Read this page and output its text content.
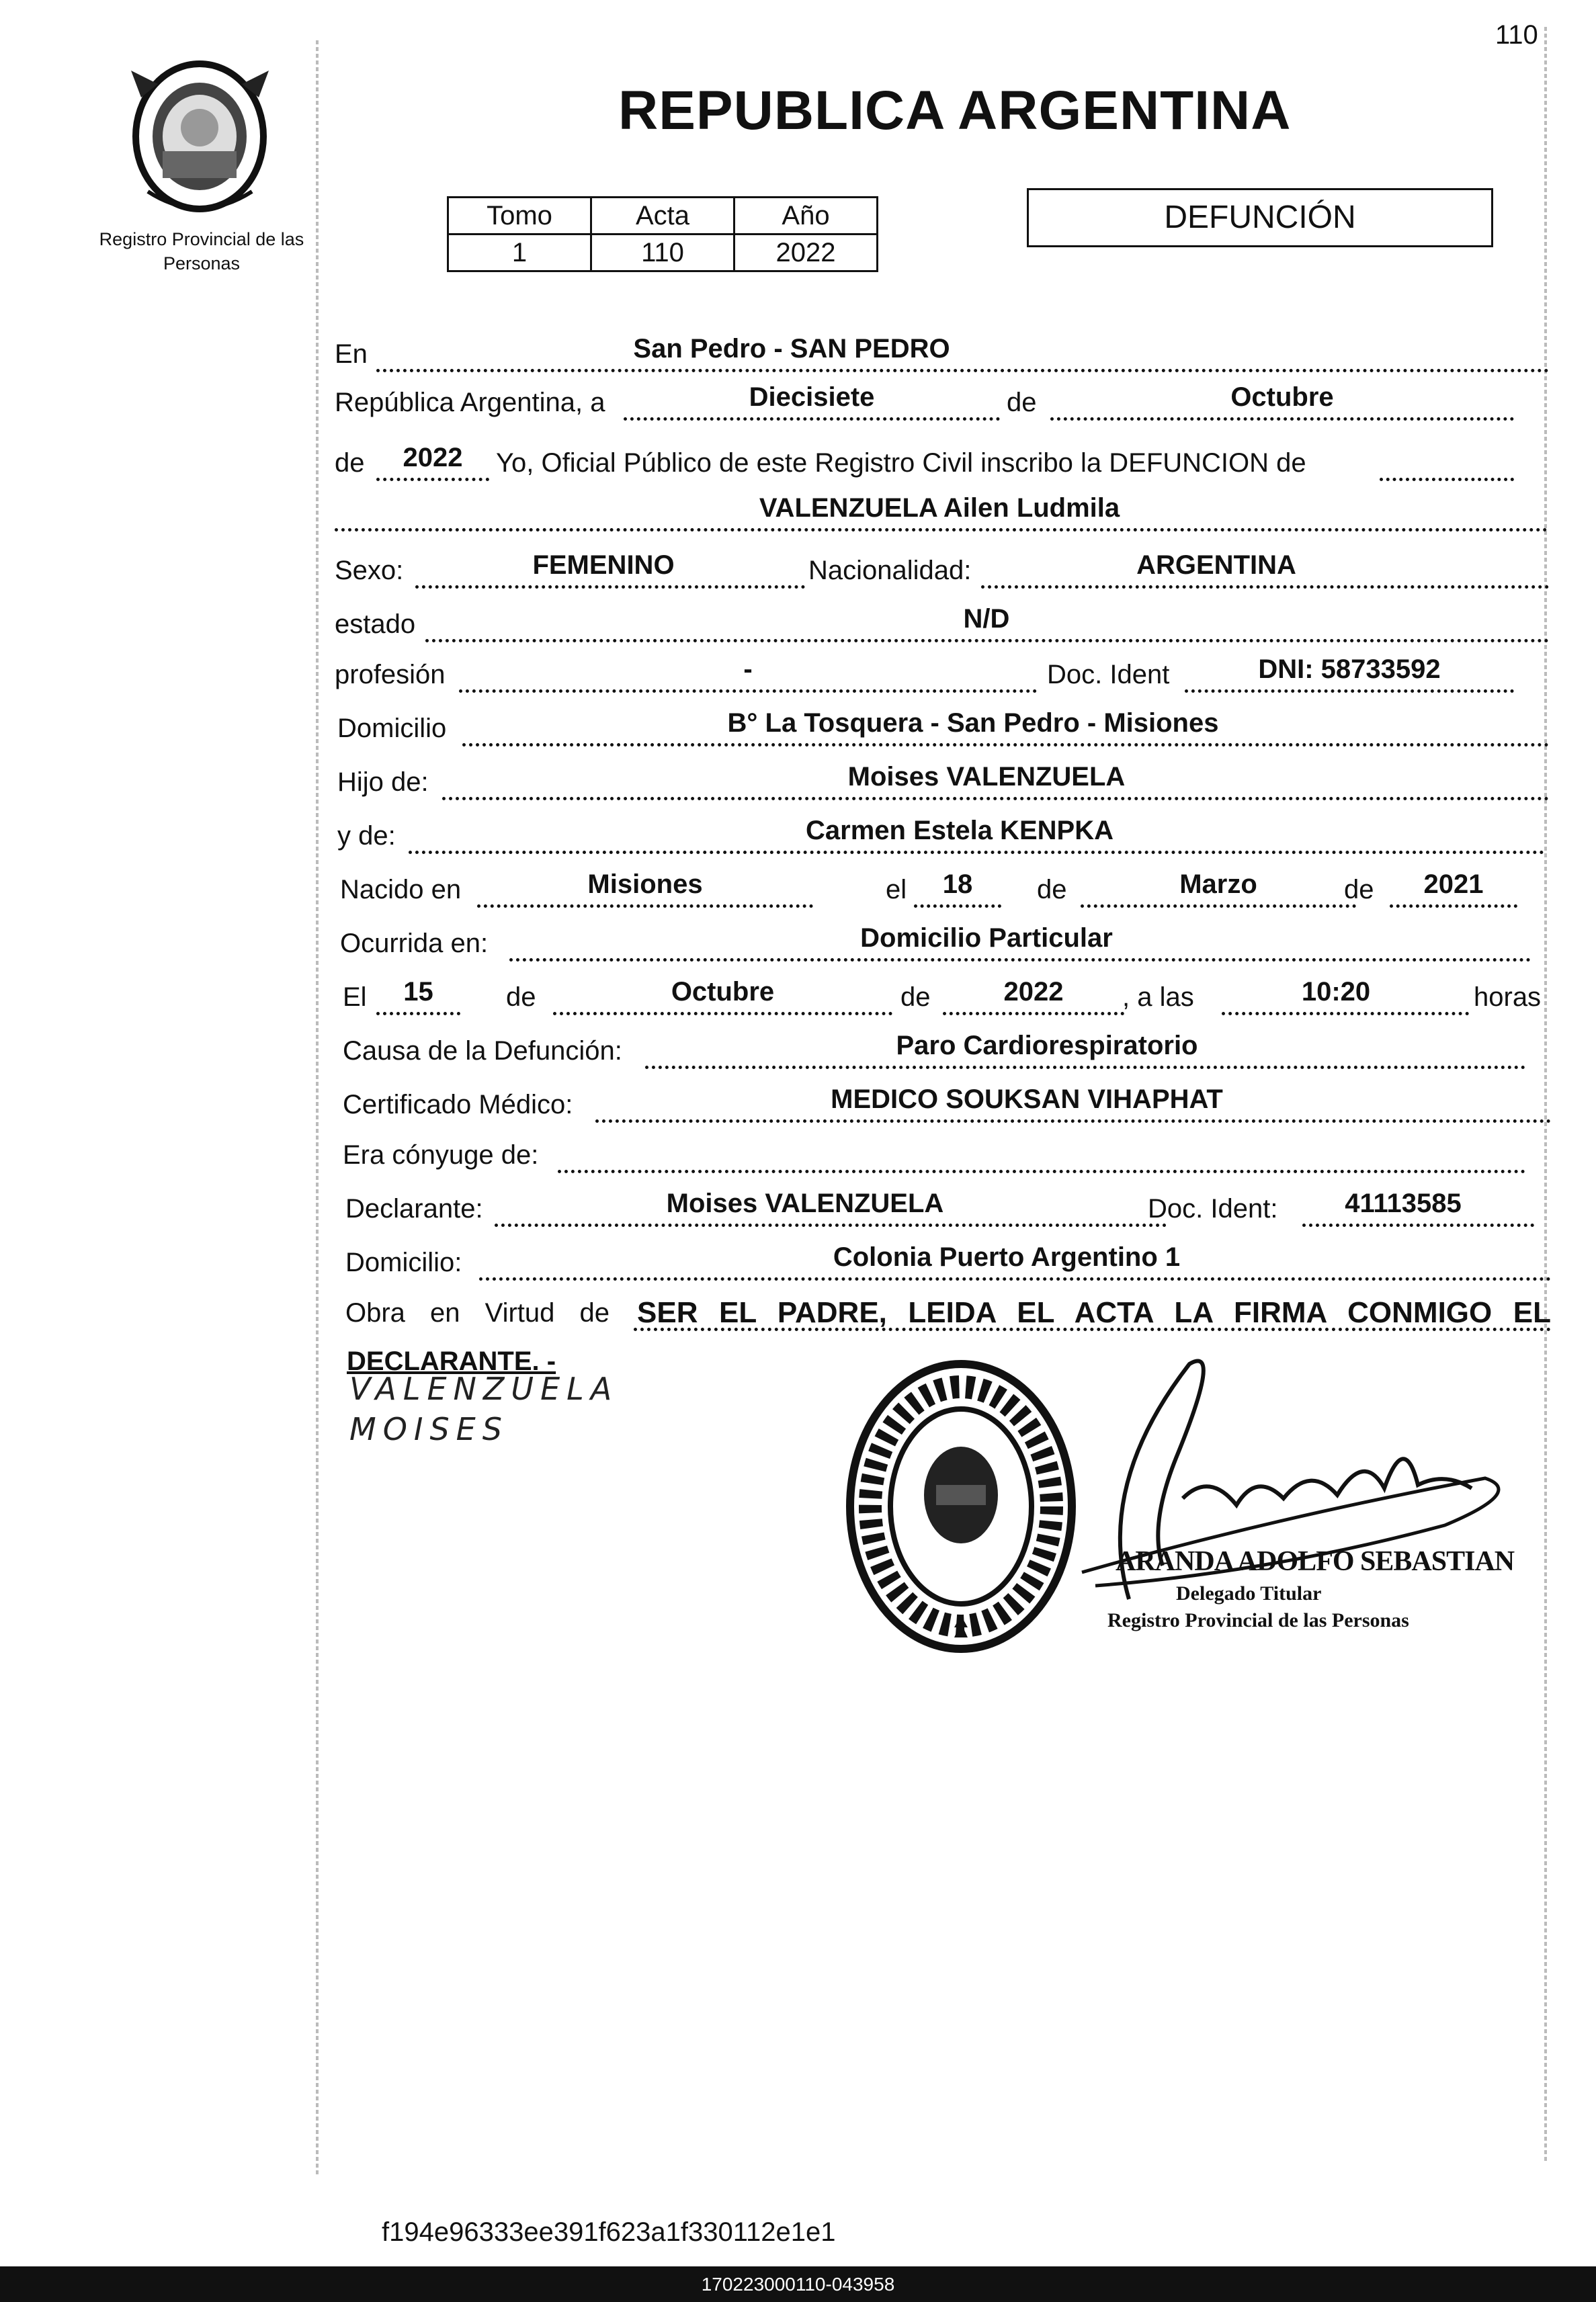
110
Registro Provincial de las Personas
REPUBLICA ARGENTINA
Tomo	Acta	Año
1	110	2022
DEFUNCIÓN
En	San Pedro - SAN PEDRO
República Argentina, a	Diecisiete	de	Octubre
de	2022	Yo, Oficial Público de este Registro Civil inscribo la DEFUNCION de
VALENZUELA Ailen Ludmila
Sexo:	FEMENINO	Nacionalidad:	ARGENTINA
estado	N/D
profesión	-	Doc. Ident	DNI: 58733592
Domicilio	B° La Tosquera - San Pedro - Misiones
Hijo de:	Moises VALENZUELA
y de:	Carmen Estela KENPKA
Nacido en	Misiones	el	18	de	Marzo	de	2021
Ocurrida en:	Domicilio Particular
El	15	de	Octubre	de	2022	, a las	10:20	horas
Causa de la Defunción:	Paro Cardiorespiratorio
Certificado Médico:	MEDICO SOUKSAN VIHAPHAT
Era cónyuge de:
Declarante:	Moises VALENZUELA	Doc. Ident:	41113585
Domicilio:	Colonia Puerto Argentino 1
Obra en Virtud de SER EL PADRE, LEIDA EL ACTA LA FIRMA CONMIGO EL
DECLARANTE. -
VALENZUELA
MOISES
ARANDA ADOLFO SEBASTIAN
Delegado Titular
Registro Provincial de las Personas
f194e96333ee391f623a1f330112e1e1
170223000110-043958
